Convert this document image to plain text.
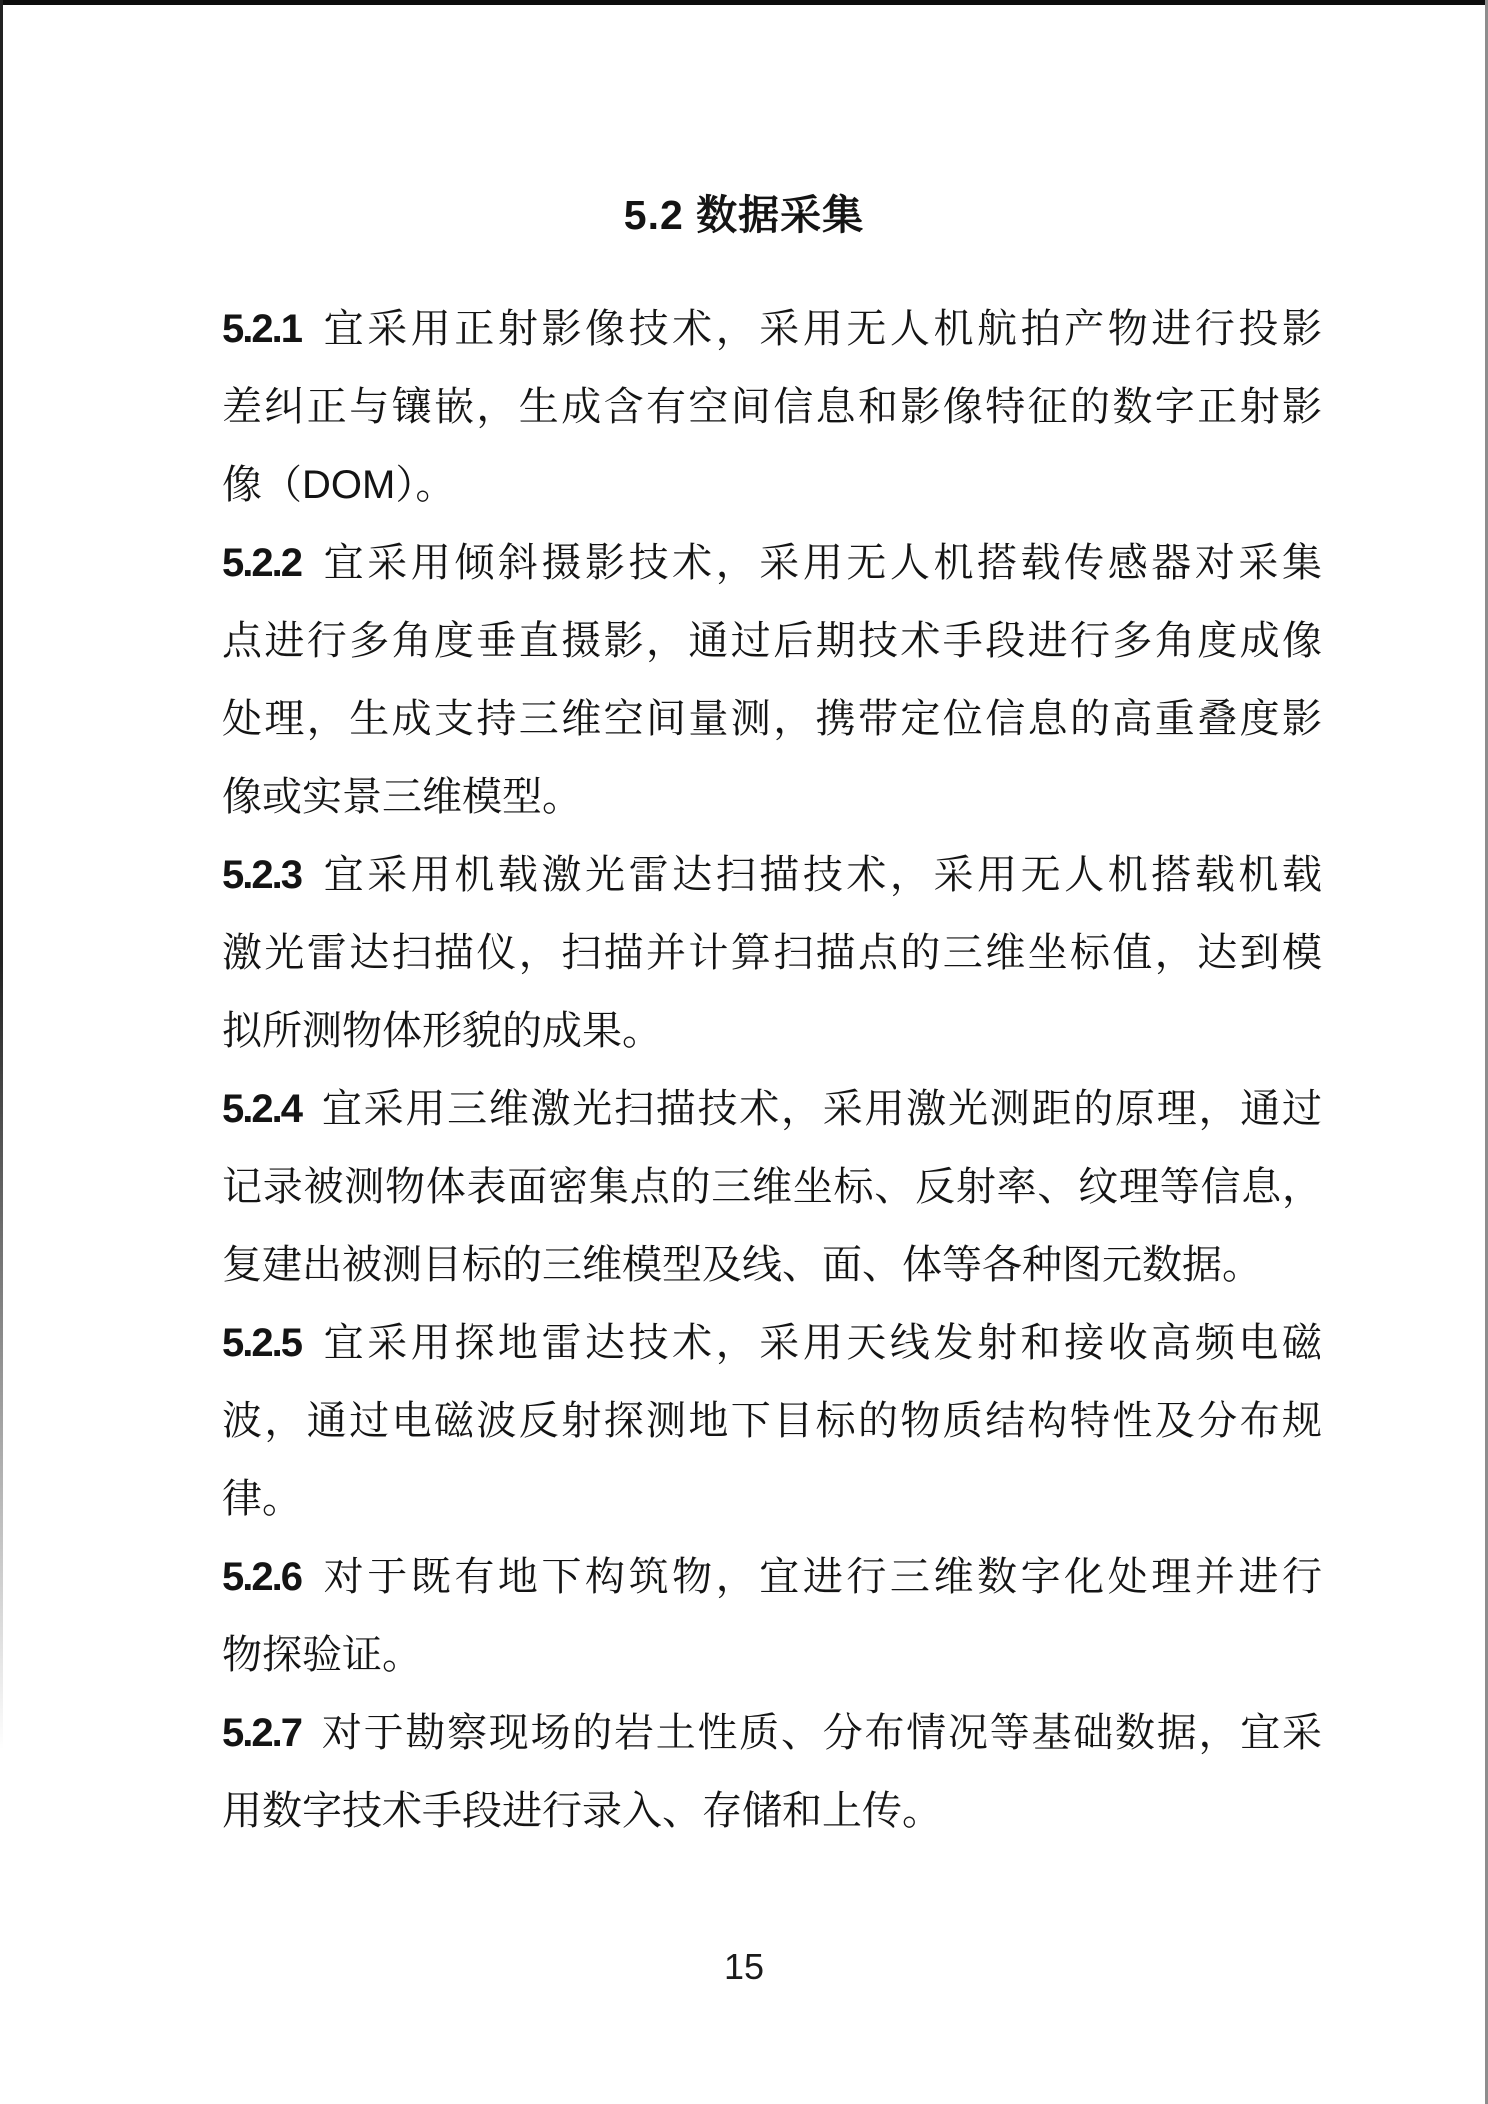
5.2 数据采集
5.2.1 宜采用正射影像技术，采用无人机航拍产物进行投影
差纠正与镶嵌，生成含有空间信息和影像特征的数字正射影
像（DOM）。
5.2.2 宜采用倾斜摄影技术，采用无人机搭载传感器对采集
点进行多角度垂直摄影，通过后期技术手段进行多角度成像
处理，生成支持三维空间量测，携带定位信息的高重叠度影
像或实景三维模型。
5.2.3 宜采用机载激光雷达扫描技术，采用无人机搭载机载
激光雷达扫描仪，扫描并计算扫描点的三维坐标值，达到模
拟所测物体形貌的成果。
5.2.4 宜采用三维激光扫描技术，采用激光测距的原理，通过
记录被测物体表面密集点的三维坐标、反射率、纹理等信息，
复建出被测目标的三维模型及线、面、体等各种图元数据。
5.2.5 宜采用探地雷达技术，采用天线发射和接收高频电磁
波，通过电磁波反射探测地下目标的物质结构特性及分布规
律。
5.2.6 对于既有地下构筑物，宜进行三维数字化处理并进行
物探验证。
5.2.7 对于勘察现场的岩土性质、分布情况等基础数据，宜采
用数字技术手段进行录入、存储和上传。
15
